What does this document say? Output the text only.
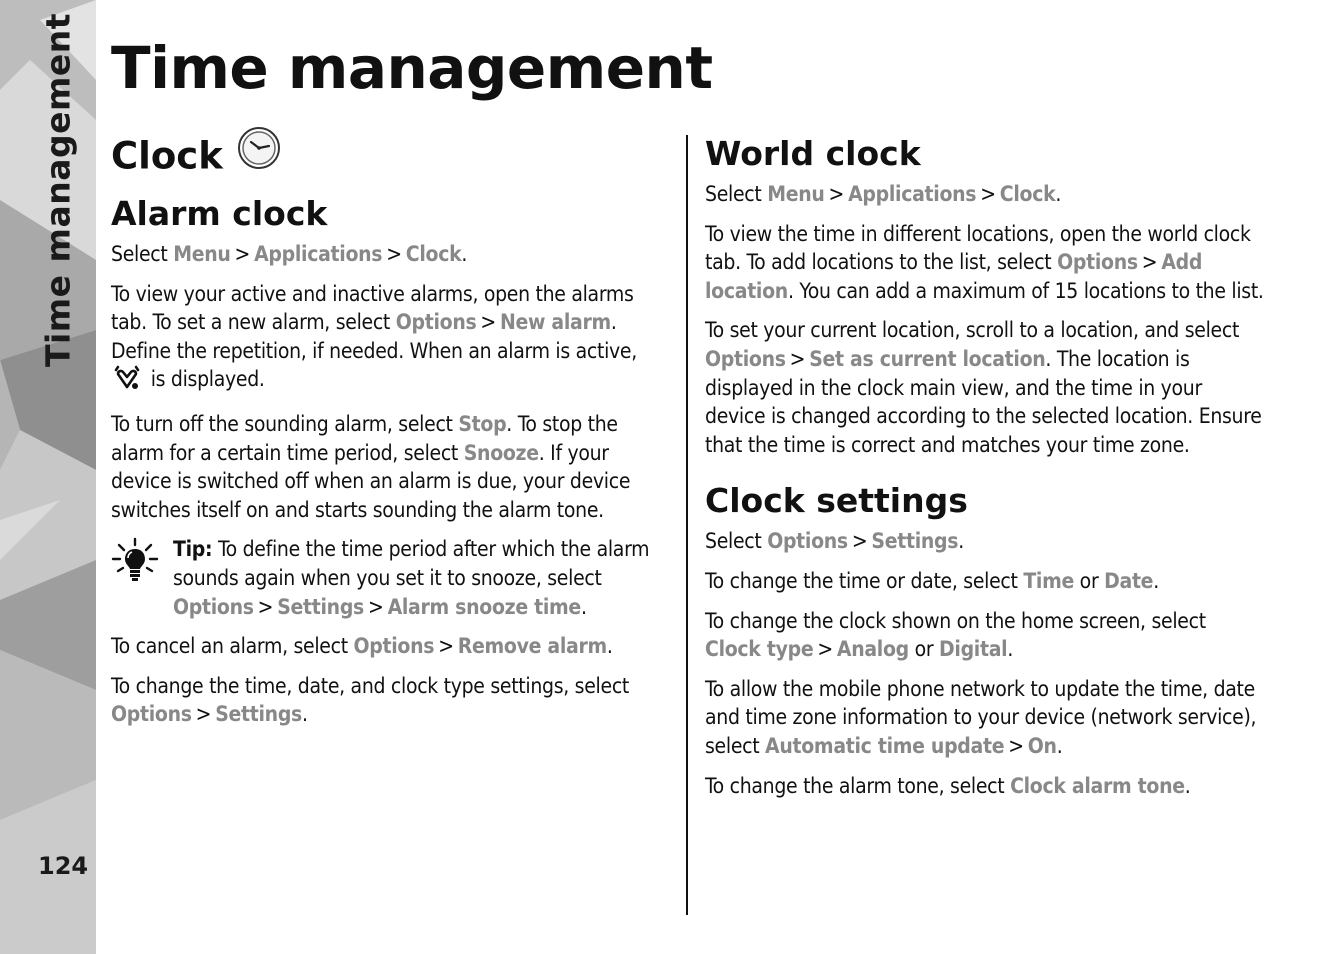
Time management
124
Time management
Clock
Alarm clock

Select Menu > Applications > Clock.

To view your active and inactive alarms, open the alarms tab. To set a new alarm, select Options > New alarm. Define the repetition, if needed. When an alarm is active,  is displayed.

To turn off the sounding alarm, select Stop. To stop the alarm for a certain time period, select Snooze. If your device is switched off when an alarm is due, your device switches itself on and starts sounding the alarm tone.

Tip: To define the time period after which the alarm sounds again when you set it to snooze, select Options > Settings > Alarm snooze time.

To cancel an alarm, select Options > Remove alarm.

To change the time, date, and clock type settings, select Options > Settings.

World clock

Select Menu > Applications > Clock.

To view the time in different locations, open the world clock tab. To add locations to the list, select Options > Add location. You can add a maximum of 15 locations to the list.

To set your current location, scroll to a location, and select Options > Set as current location. The location is displayed in the clock main view, and the time in your device is changed according to the selected location. Ensure that the time is correct and matches your time zone.

Clock settings

Select Options > Settings.

To change the time or date, select Time or Date.

To change the clock shown on the home screen, select Clock type > Analog or Digital.

To allow the mobile phone network to update the time, date and time zone information to your device (network service), select Automatic time update > On.

To change the alarm tone, select Clock alarm tone.
